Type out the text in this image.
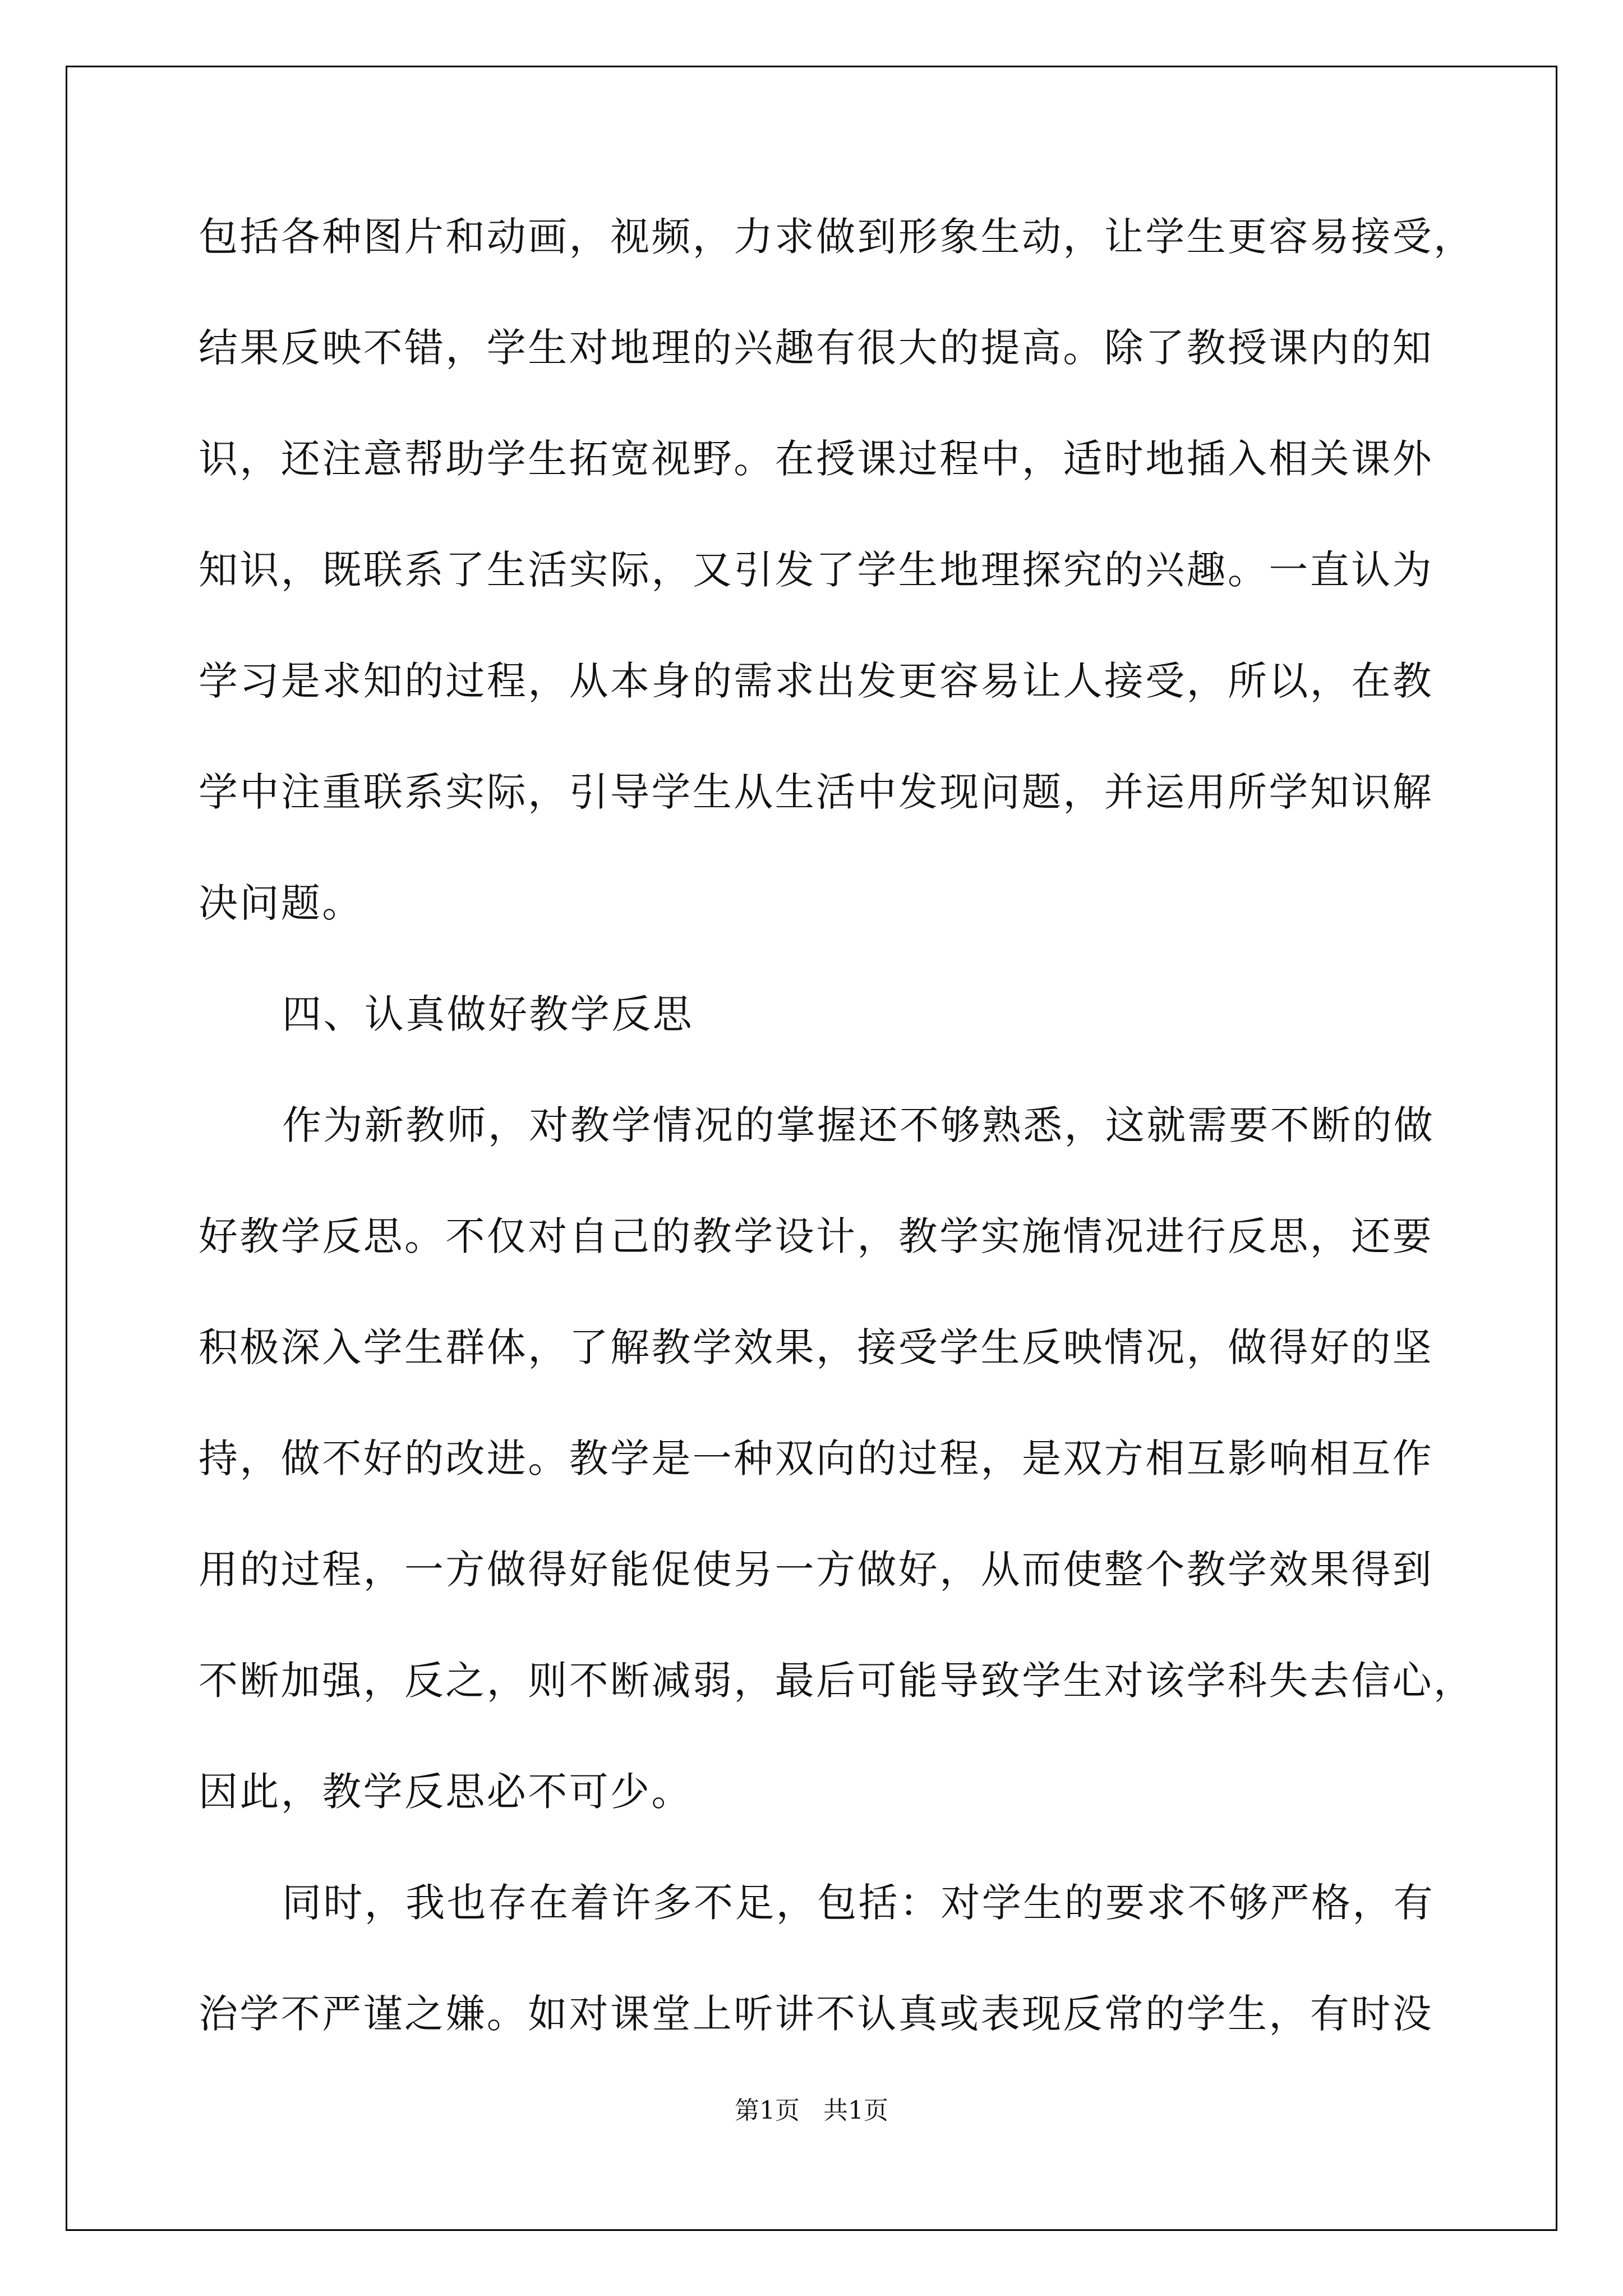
包括各种图片和动画，视频，力求做到形象生动，让学生更容易接受，
结果反映不错，学生对地理的兴趣有很大的提高。除了教授课内的知
识，还注意帮助学生拓宽视野。在授课过程中，适时地插入相关课外
知识，既联系了生活实际，又引发了学生地理探究的兴趣。一直认为
学习是求知的过程，从本身的需求出发更容易让人接受，所以，在教
学中注重联系实际，引导学生从生活中发现问题，并运用所学知识解
决问题。
四、认真做好教学反思
作为新教师，对教学情况的掌握还不够熟悉，这就需要不断的做
好教学反思。不仅对自己的教学设计，教学实施情况进行反思，还要
积极深入学生群体，了解教学效果，接受学生反映情况，做得好的坚
持，做不好的改进。教学是一种双向的过程，是双方相互影响相互作
用的过程，一方做得好能促使另一方做好，从而使整个教学效果得到
不断加强，反之，则不断减弱，最后可能导致学生对该学科失去信心，
因此，教学反思必不可少。
同时，我也存在着许多不足，包括：对学生的要求不够严格，有
治学不严谨之嫌。如对课堂上听讲不认真或表现反常的学生，有时没
第1页 共1页
